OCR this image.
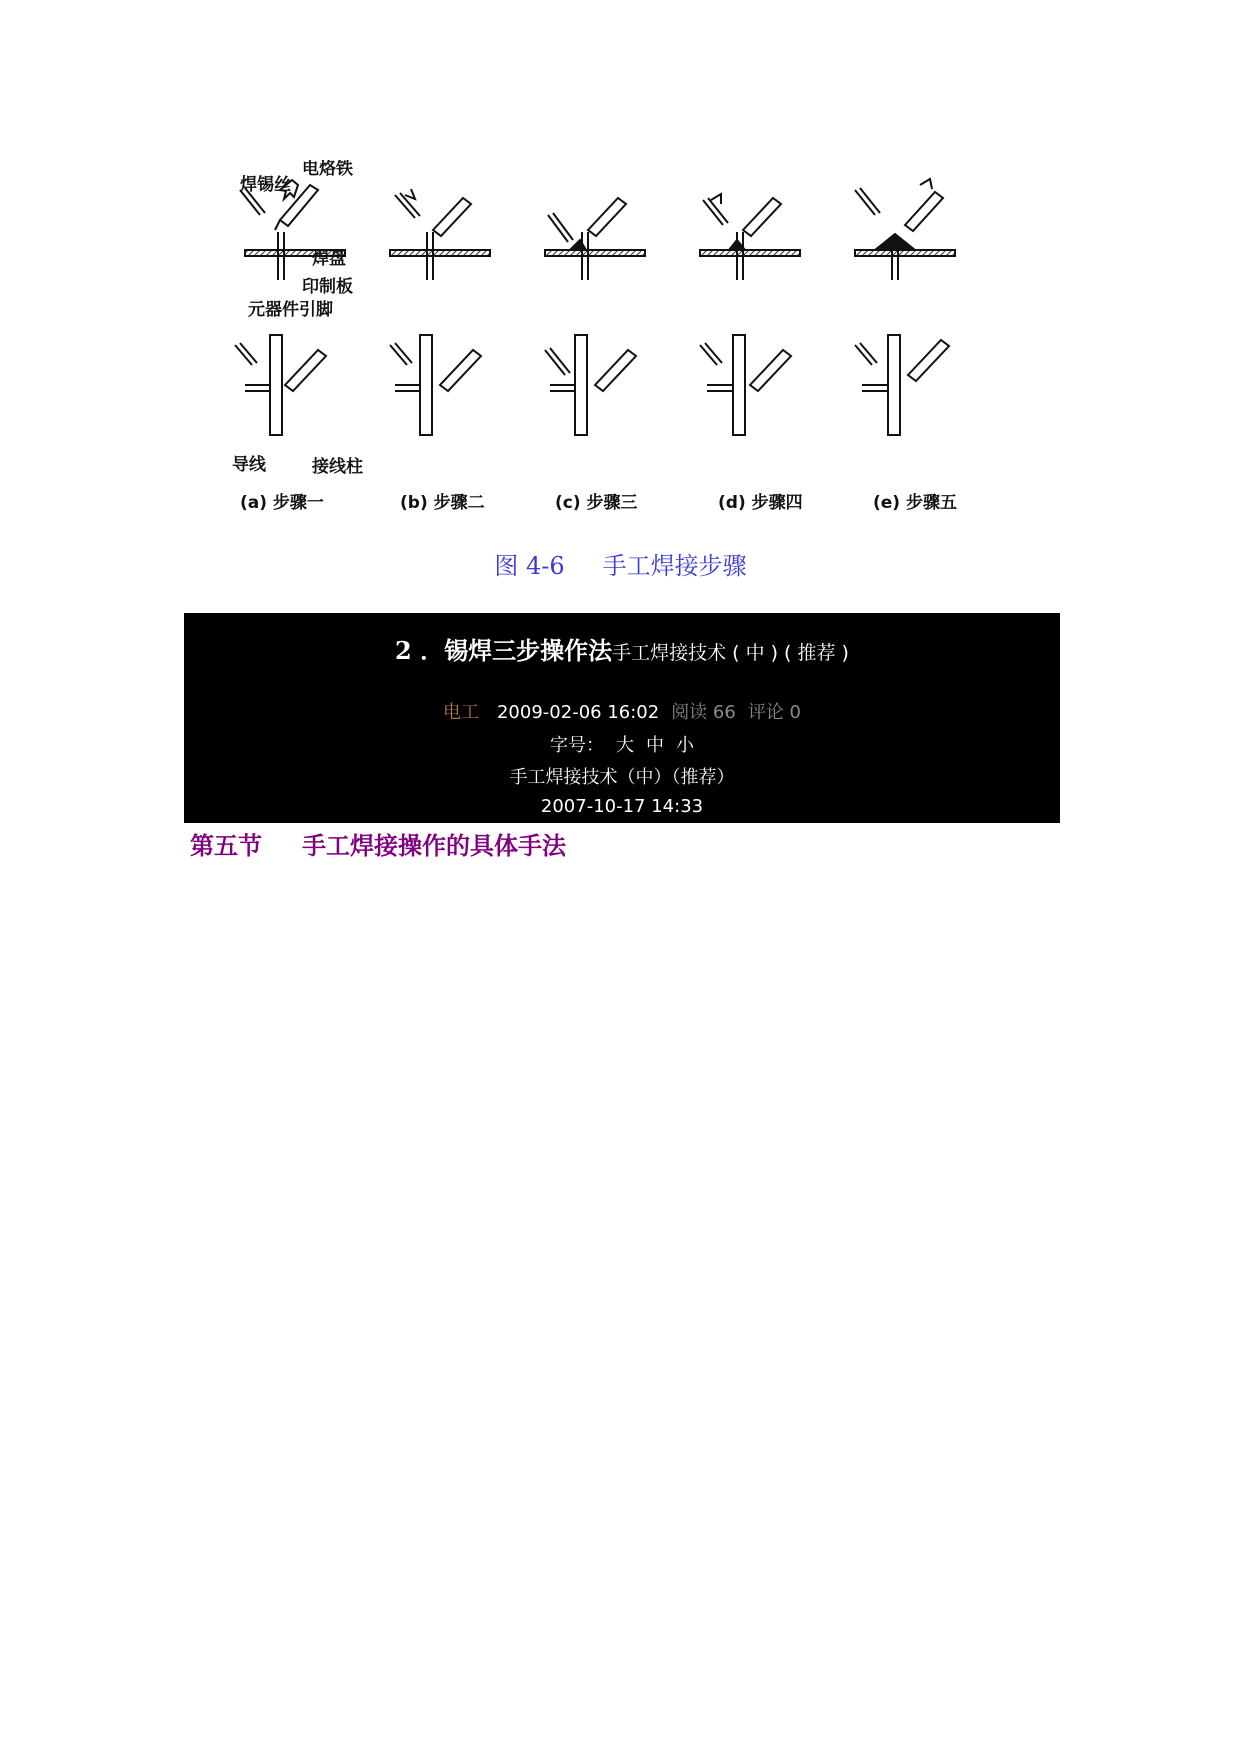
焊锡丝
电烙铁
焊盘
印制板
元器件引脚
导线	接线柱
(a) 步骤一	(b) 步骤二	(c) 步骤三	(d) 步骤四	(e) 步骤五
图 4-6 手工焊接步骤
2 ．锡焊三步操作法手工焊接技术 ( 中 ) ( 推荐 )
电工 2009-02-06 16:02 阅读 66 评论 0
字号： 大 中 小
手工焊接技术（中）（推荐）
2007-10-17 14:33
第五节 手工焊接操作的具体手法
